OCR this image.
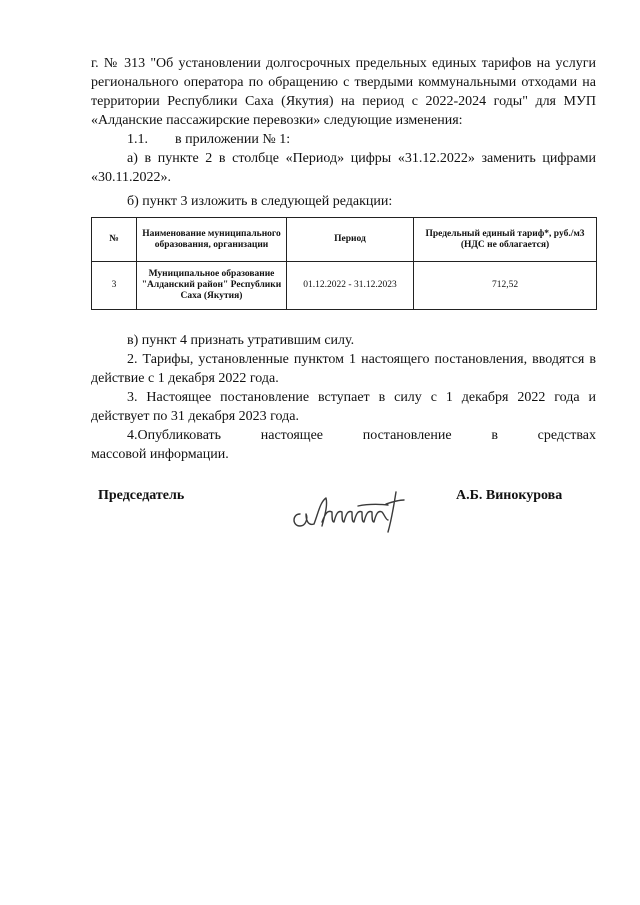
г. № 313 "Об установлении долгосрочных предельных единых тарифов на услуги регионального оператора по обращению с твердыми коммунальными отходами на территории Республики Саха (Якутия) на период с 2022-2024 годы" для МУП «Алданские пассажирские перевозки» следующие изменения:

1.1. в приложении № 1:

а) в пункте 2 в столбце «Период» цифры «31.12.2022» заменить цифрами «30.11.2022».

б) пункт 3 изложить в следующей редакции:

№	Наименование муниципального образования, организации	Период	Предельный единый тариф*, руб./м3 (НДС не облагается)
3	Муниципальное образование "Алданский район" Республики Саха (Якутия)	01.12.2022 - 31.12.2023	712,52

в) пункт 4 признать утратившим силу.

2. Тарифы, установленные пунктом 1 настоящего постановления, вводятся в действие с 1 декабря 2022 года.

3. Настоящее постановление вступает в силу с 1 декабря 2022 года и действует по 31 декабря 2023 года.

4.Опубликовать настоящее постановление в средствах

массовой информации.

Председатель	А.Б. Винокурова
